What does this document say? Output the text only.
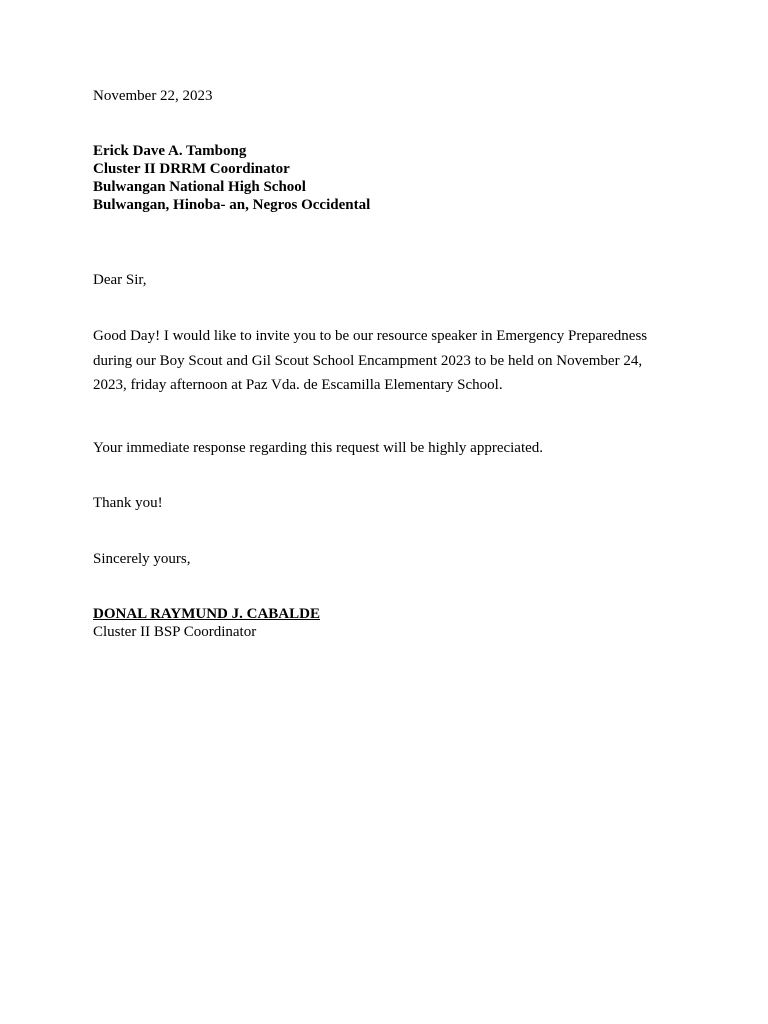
November 22, 2023
Erick Dave A. Tambong
Cluster II DRRM Coordinator
Bulwangan National High School
Bulwangan, Hinoba- an, Negros Occidental
Dear Sir,
Good Day! I would like to invite you to be our resource speaker in Emergency Preparedness
during our Boy Scout and Gil Scout School Encampment 2023 to be held on November 24,
2023, friday afternoon at Paz Vda. de Escamilla Elementary School.
Your immediate response regarding this request will be highly appreciated.
Thank you!
Sincerely yours,
DONAL RAYMUND J. CABALDE
Cluster II BSP Coordinator
